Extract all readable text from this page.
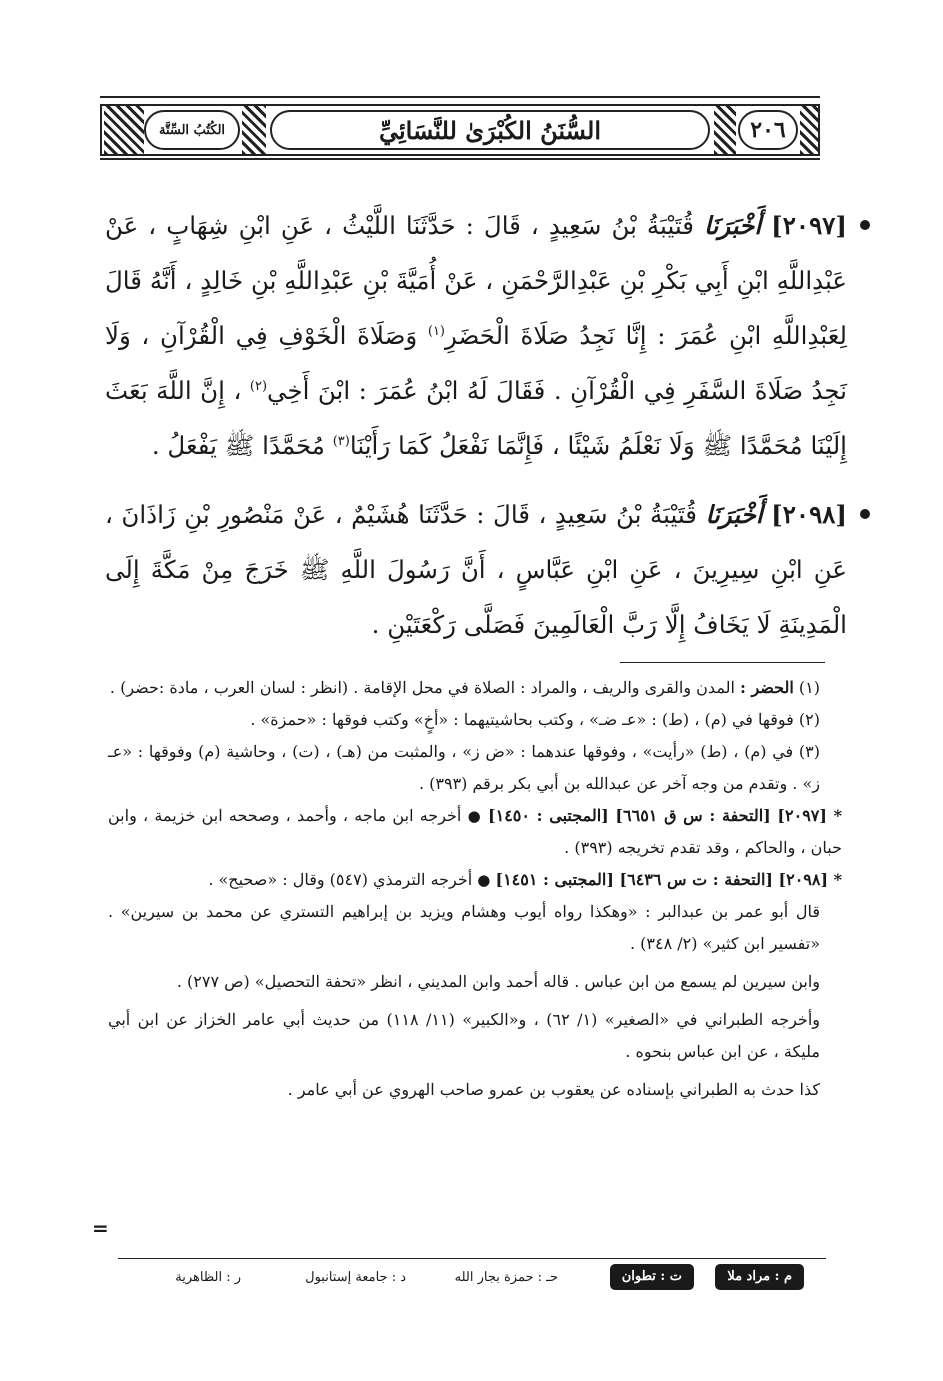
الكُتُبُ السِّتَّة	السُّنَنُ الكُبْرَىٰ للنَّسَائِيِّ	٢٠٦

[٢٠٩٧] أَخْبَرَنَا قُتَيْبَةُ بْنُ سَعِيدٍ ، قَالَ : حَدَّثَنَا اللَّيْثُ ، عَنِ ابْنِ شِهَابٍ ، عَنْ عَبْدِاللَّهِ ابْنِ أَبِي بَكْرِ بْنِ عَبْدِالرَّحْمَنِ ، عَنْ أُمَيَّةَ بْنِ عَبْدِاللَّهِ بْنِ خَالِدٍ ، أَنَّهُ قَالَ لِعَبْدِاللَّهِ ابْنِ عُمَرَ : إِنَّا نَجِدُ صَلَاةَ الْحَضَرِ$^{(١)}$ وَصَلَاةَ الْخَوْفِ فِي الْقُرْآنِ ، وَلَا نَجِدُ صَلَاةَ السَّفَرِ فِي الْقُرْآنِ . فَقَالَ لَهُ ابْنُ عُمَرَ : ابْنَ أَخِي$^{(٢)}$ ، إِنَّ اللَّهَ بَعَثَ إِلَيْنَا مُحَمَّدًا ﷺ وَلَا نَعْلَمُ شَيْئًا ، فَإِنَّمَا نَفْعَلُ كَمَا رَأَيْنَا$^{(٣)}$ مُحَمَّدًا ﷺ يَفْعَلُ .

[٢٠٩٨] أَخْبَرَنَا قُتَيْبَةُ بْنُ سَعِيدٍ ، قَالَ : حَدَّثَنَا هُشَيْمٌ ، عَنْ مَنْصُورِ بْنِ زَاذَانَ ، عَنِ ابْنِ سِيرِينَ ، عَنِ ابْنِ عَبَّاسٍ ، أَنَّ رَسُولَ اللَّهِ ﷺ خَرَجَ مِنْ مَكَّةَ إِلَى الْمَدِينَةِ لَا يَخَافُ إِلَّا رَبَّ الْعَالَمِينَ فَصَلَّى رَكْعَتَيْنِ .

(١) الحضر : المدن والقرى والريف ، والمراد : الصلاة في محل الإقامة . (انظر : لسان العرب ، مادة :حضر) .

(٢) فوقها في (م) ، (ط) : «عـ ضـ» ، وكتب بحاشيتيهما : «أخٍ» وكتب فوقها : «حمزة» .

(٣) في (م) ، (ط) «رأيت» ، وفوقها عندهما : «ض ز» ، والمثبت من (هـ) ، (ت) ، وحاشية (م) وفوقها : «عـ ز» . وتقدم من وجه آخر عن عبدالله بن أبي بكر برقم (٣٩٣) .

* [٢٠٩٧] [التحفة : س ق ٦٦٥١] [المجتبى : ١٤٥٠] ● أخرجه ابن ماجه ، وأحمد ، وصححه ابن خزيمة ، وابن حبان ، والحاكم ، وقد تقدم تخريجه (٣٩٣) .

* [٢٠٩٨] [التحفة : ت س ٦٤٣٦] [المجتبى : ١٤٥١] ● أخرجه الترمذي (٥٤٧) وقال : «صحيح» .

قال أبو عمر بن عبدالبر : «وهكذا رواه أيوب وهشام ويزيد بن إبراهيم التستري عن محمد بن سيرين» . «تفسير ابن كثير» (٢/ ٣٤٨) .

وابن سيرين لم يسمع من ابن عباس . قاله أحمد وابن المديني ، انظر «تحفة التحصيل» (ص ٢٧٧) .

وأخرجه الطبراني في «الصغير» (١/ ٦٢) ، و«الكبير» (١١/ ١١٨) من حديث أبي عامر الخزاز عن ابن أبي مليكة ، عن ابن عباس بنحوه .

كذا حدث به الطبراني بإسناده عن يعقوب بن عمرو صاحب الهروي عن أبي عامر .

=
م : مراد ملا
ت : تطوان
حـ : حمزة بجار الله
د : جامعة إستانبول
ر : الظاهرية
